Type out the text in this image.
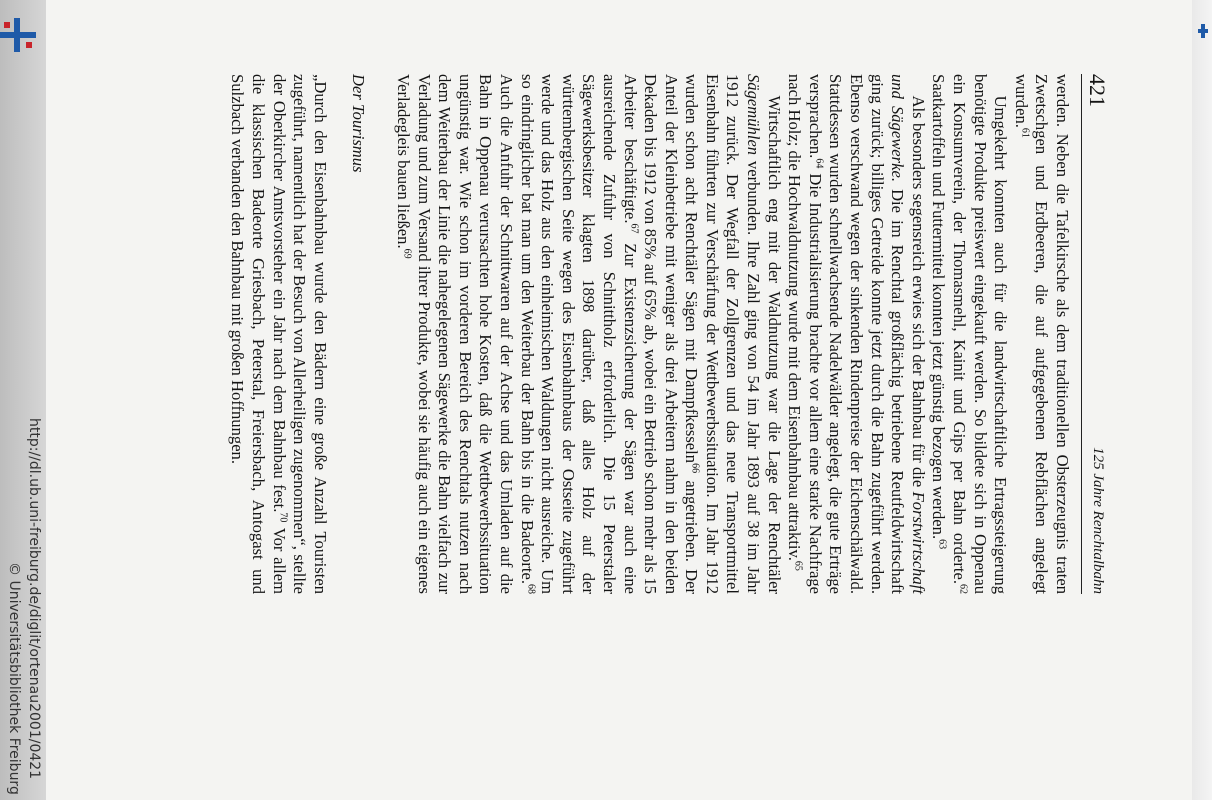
421
125 Jahre Renchtalbahn

werden. Neben die Tafelkirsche als dem traditionellen Obsterzeugnis traten Zwetschgen und Erdbeeren, die auf aufgegebenen Rebflächen angelegt wurden.$^{61}$

Umgekehrt konnten auch für die landwirtschaftliche Ertragssteigerung benötigte Produkte preiswert eingekauft werden. So bildete sich in Oppenau ein Konsumverein, der Thomasmehl, Kainit und Gips per Bahn orderte.$^{62}$ Saatkartoffeln und Futtermittel konnten jetzt günstig bezogen werden.$^{63}$

Als besonders segensreich erwies sich der Bahnbau für die Forstwirtschaft und Sägewerke. Die im Renchtal großflächig betriebene Reutfeldwirtschaft ging zurück; billiges Getreide konnte jetzt durch die Bahn zugeführt werden. Ebenso verschwand wegen der sinkenden Rindenpreise der Eichenschälwald. Stattdessen wurden schnellwachsende Nadelwälder angelegt, die gute Erträge versprachen.$^{64}$ Die Industrialisierung brachte vor allem eine starke Nachfrage nach Holz; die Hochwaldnutzung wurde mit dem Eisenbahnbau attraktiv.$^{65}$

Wirtschaftlich eng mit der Waldnutzung war die Lage der Renchtäler Sägemühlen verbunden. Ihre Zahl ging von 54 im Jahr 1893 auf 38 im Jahr 1912 zurück. Der Wegfall der Zollgrenzen und das neue Transportmittel Eisenbahn führten zur Verschärfung der Wettbewerbssituation. Im Jahr 1912 wurden schon acht Renchtäler Sägen mit Dampfkesseln$^{66}$ angetrieben. Der Anteil der Kleinbetriebe mit weniger als drei Arbeitern nahm in den beiden Dekaden bis 1912 von 85% auf 65% ab, wobei ein Betrieb schon mehr als 15 Arbeiter beschäftigte.$^{67}$ Zur Existenzsicherung der Sägen war auch eine ausreichende Zufuhr von Schnittholz erforderlich. Die 15 Peterstaler Sägewerksbesitzer klagten 1898 darüber, daß alles Holz auf der württembergischen Seite wegen des Eisenbahnbaus der Ostseite zugeführt werde und das Holz aus den einheimischen Waldungen nicht ausreiche. Um so eindringlicher bat man um den Weiterbau der Bahn bis in die Badeorte.$^{68}$ Auch die Anfuhr der Schnittwaren auf der Achse und das Umladen auf die Bahn in Oppenau verursachten hohe Kosten, daß die Wettbewerbssituation ungünstig war. Wie schon im vorderen Bereich des Renchtals nutzen nach dem Weiterbau der Linie die nahegelegenen Sägewerke die Bahn vielfach zur Verladung und zum Versand ihrer Produkte, wobei sie häufig auch ein eigenes Verladegleis bauen ließen.$^{69}$

Der Tourismus

„Durch den Eisenbahnbau wurde den Bädern eine große Anzahl Touristen zugeführt, namentlich hat der Besuch von Allerheiligen zugenommen“, stellte der Oberkircher Amtsvorsteher ein Jahr nach dem Bahnbau fest.$^{70}$ Vor allem die klassischen Badeorte Griesbach, Peterstal, Freiersbach, Antogast und Sulzbach verbanden den Bahnbau mit großen Hoffnungen.

http://dl.ub.uni-freiburg.de/diglit/ortenau2001/0421
© Universitätsbibliothek Freiburg
